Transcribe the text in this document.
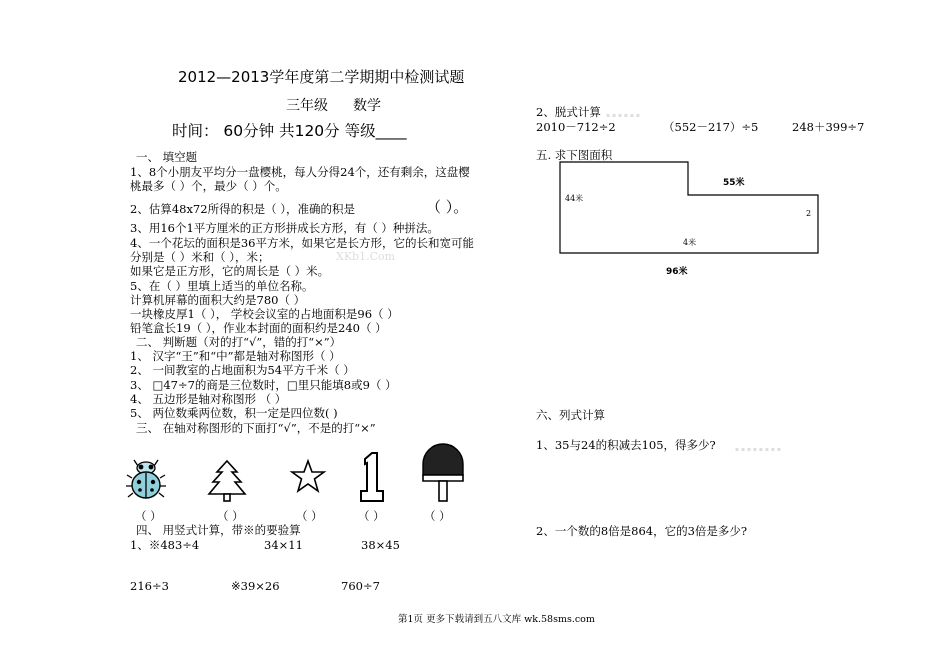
2012—2013学年度第二学期期中检测试题
三年级 数学
时间： 60分钟 共120分 等级____
一、 填空题
1、8个小朋友平均分一盘樱桃，每人分得24个，还有剩余，这盘樱
桃最多（ ）个，最少（ ）个。
2、估算48x72所得的积是（ ），准确的积是	（ ）。
3、用16个1平方厘米的正方形拼成长方形，有（ ）种拼法。
4、一个花坛的面积是36平方米，如果它是长方形，它的长和宽可能
分别是（ ）米和（ ），米；	XKb1.Com
如果它是正方形，它的周长是（ ）米。
5、在（ ）里填上适当的单位名称。
计算机屏幕的面积大约是780（ ）
一块橡皮厚1（ ）， 学校会议室的占地面积是96（ ）
铅笔盒长19（ ），作业本封面的面积约是240（ ）
二、 判断题（对的打“√”，错的打“×”）
1、 汉字“王”和“中”都是轴对称图形（ ）
2、 一间教室的占地面积为54平方千米（ ）
3、 □47÷7的商是三位数时，□里只能填8或9（ ）
4、 五边形是轴对称图形 （ ）
5、 两位数乘两位数，积一定是四位数( )
三、 在轴对称图形的下面打“√”，不是的打“×”
（ ）	（ ）	（ ）	（ ）	（ ）
四、 用竖式计算，带※的要验算
1、※483÷4	34×11	38×45
216÷3	※39×26	760÷7
2、脱式计算 ▪ ▪ ▪ ▪ ▪ ▪
2010－712÷2	（552－217）÷5	248＋399÷7
五. 求下图面积
55米
44米
2
4米
96米
六、列式计算
1、35与24的积减去105，得多少?	▪ ▪ ▪ ▪ ▪ ▪ ▪ ▪
2、一个数的8倍是864，它的3倍是多少?
第1页 更多下载请到五八文库 wk.58sms.com
